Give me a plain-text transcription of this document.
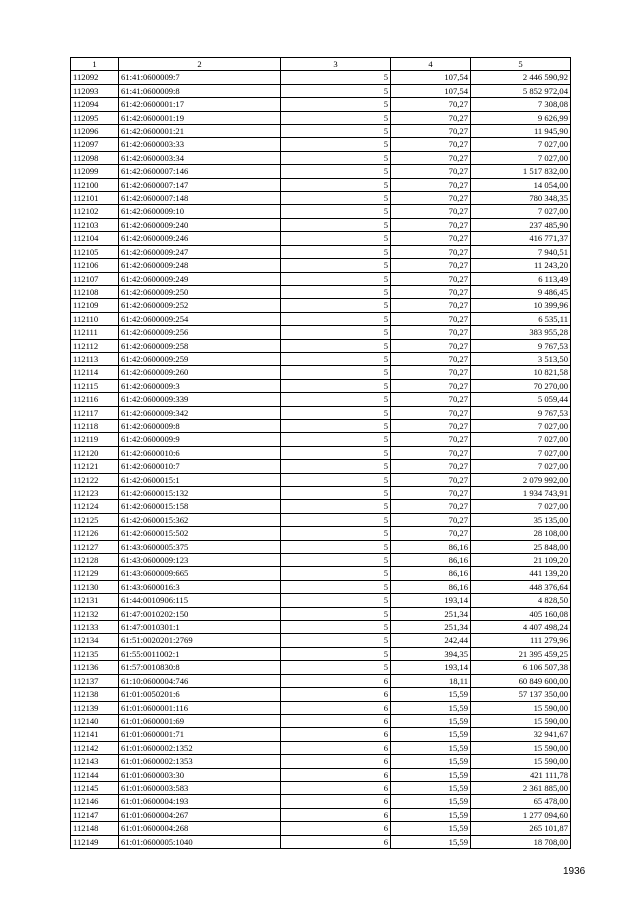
1	2	3	4	5
112092	61:41:0600009:7	5	107,54	2 446 590,92
112093	61:41:0600009:8	5	107,54	5 852 972,04
112094	61:42:0600001:17	5	70,27	7 308,08
112095	61:42:0600001:19	5	70,27	9 626,99
112096	61:42:0600001:21	5	70,27	11 945,90
112097	61:42:0600003:33	5	70,27	7 027,00
112098	61:42:0600003:34	5	70,27	7 027,00
112099	61:42:0600007:146	5	70,27	1 517 832,00
112100	61:42:0600007:147	5	70,27	14 054,00
112101	61:42:0600007:148	5	70,27	780 348,35
112102	61:42:0600009:10	5	70,27	7 027,00
112103	61:42:0600009:240	5	70,27	237 485,90
112104	61:42:0600009:246	5	70,27	416 771,37
112105	61:42:0600009:247	5	70,27	7 940,51
112106	61:42:0600009:248	5	70,27	11 243,20
112107	61:42:0600009:249	5	70,27	6 113,49
112108	61:42:0600009:250	5	70,27	9 486,45
112109	61:42:0600009:252	5	70,27	10 399,96
112110	61:42:0600009:254	5	70,27	6 535,11
112111	61:42:0600009:256	5	70,27	383 955,28
112112	61:42:0600009:258	5	70,27	9 767,53
112113	61:42:0600009:259	5	70,27	3 513,50
112114	61:42:0600009:260	5	70,27	10 821,58
112115	61:42:0600009:3	5	70,27	70 270,00
112116	61:42:0600009:339	5	70,27	5 059,44
112117	61:42:0600009:342	5	70,27	9 767,53
112118	61:42:0600009:8	5	70,27	7 027,00
112119	61:42:0600009:9	5	70,27	7 027,00
112120	61:42:0600010:6	5	70,27	7 027,00
112121	61:42:0600010:7	5	70,27	7 027,00
112122	61:42:0600015:1	5	70,27	2 079 992,00
112123	61:42:0600015:132	5	70,27	1 934 743,91
112124	61:42:0600015:158	5	70,27	7 027,00
112125	61:42:0600015:362	5	70,27	35 135,00
112126	61:42:0600015:502	5	70,27	28 108,00
112127	61:43:0600005:375	5	86,16	25 848,00
112128	61:43:0600009:123	5	86,16	21 109,20
112129	61:43:0600009:665	5	86,16	441 139,20
112130	61:43:0600016:3	5	86,16	448 376,64
112131	61:44:0010906:115	5	193,14	4 828,50
112132	61:47:0010202:150	5	251,34	405 160,08
112133	61:47:0010301:1	5	251,34	4 407 498,24
112134	61:51:0020201:2769	5	242,44	111 279,96
112135	61:55:0011002:1	5	394,35	21 395 459,25
112136	61:57:0010830:8	5	193,14	6 106 507,38
112137	61:10:0600004:746	6	18,11	60 849 600,00
112138	61:01:0050201:6	6	15,59	57 137 350,00
112139	61:01:0600001:116	6	15,59	15 590,00
112140	61:01:0600001:69	6	15,59	15 590,00
112141	61:01:0600001:71	6	15,59	32 941,67
112142	61:01:0600002:1352	6	15,59	15 590,00
112143	61:01:0600002:1353	6	15,59	15 590,00
112144	61:01:0600003:30	6	15,59	421 111,78
112145	61:01:0600003:583	6	15,59	2 361 885,00
112146	61:01:0600004:193	6	15,59	65 478,00
112147	61:01:0600004:267	6	15,59	1 277 094,60
112148	61:01:0600004:268	6	15,59	265 101,87
112149	61:01:0600005:1040	6	15,59	18 708,00
1936
